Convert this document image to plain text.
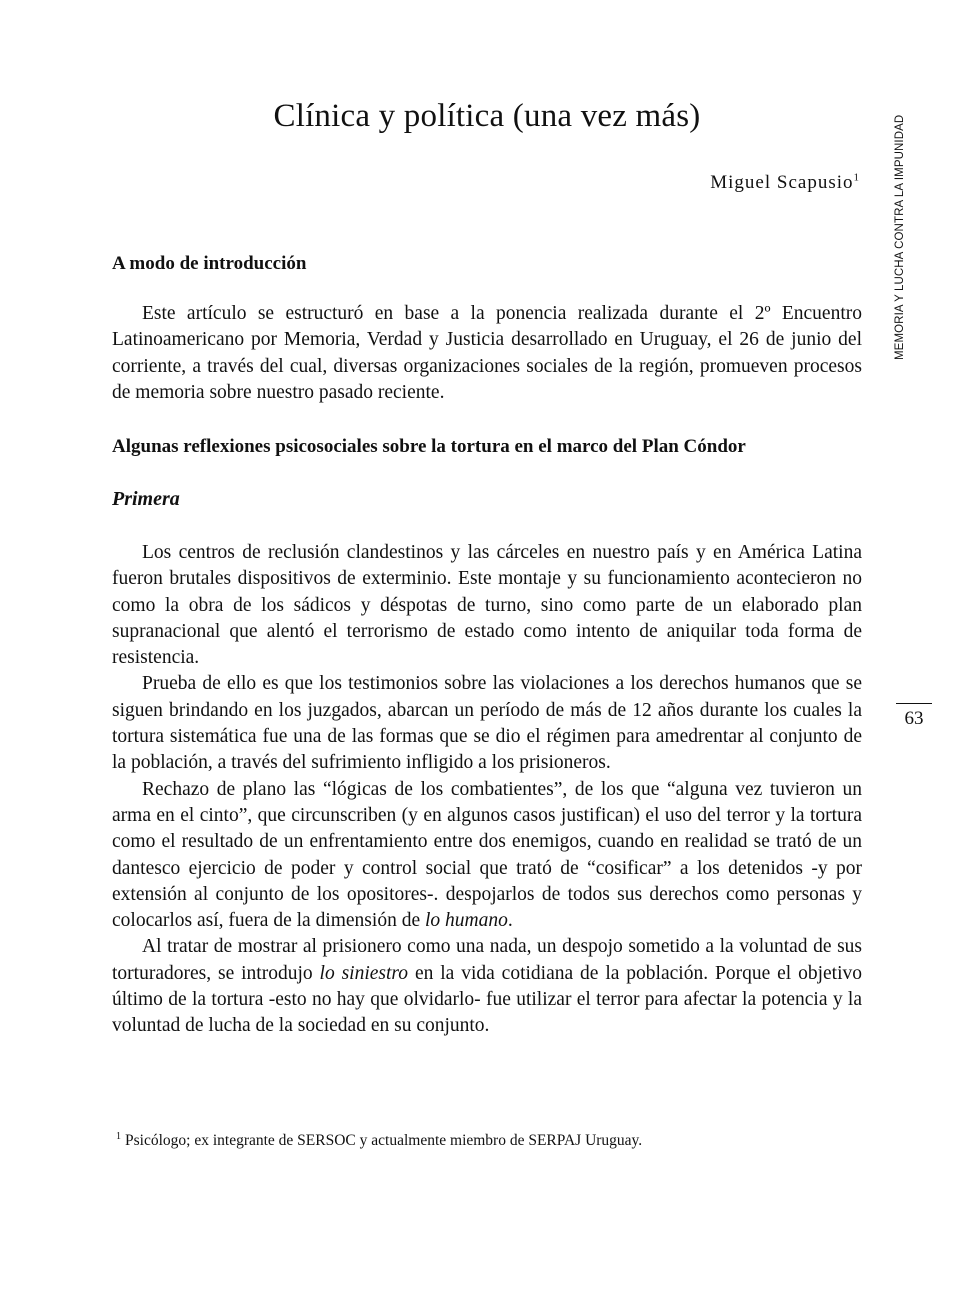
MEMORIA Y LUCHA CONTRA LA IMPUNIDAD
63
Clínica y política (una vez más)
Miguel Scapusio$^1$
A modo de introducción

Este artículo se estructuró en base a la ponencia realizada durante el 2º Encuentro Latinoamericano por Memoria, Verdad y Justicia desarrollado en Uruguay, el 26 de junio del corriente, a través del cual, diversas organizaciones sociales de la región, promueven procesos de memoria sobre nuestro pasado reciente.

Algunas reflexiones psicosociales sobre la tortura en el marco del Plan Cóndor
Primera

Los centros de reclusión clandestinos y las cárceles en nuestro país y en América Latina fueron brutales dispositivos de exterminio. Este montaje y su funcionamiento acontecieron no como la obra de los sádicos y déspotas de turno, sino como parte de un elaborado plan supranacional que alentó el terrorismo de estado como intento de aniquilar toda forma de resistencia.

Prueba de ello es que los testimonios sobre las violaciones a los derechos humanos que se siguen brindando en los juzgados, abarcan un período de más de 12 años durante los cuales la tortura sistemática fue una de las formas que se dio el régimen para amedrentar al conjunto de la población, a través del sufrimiento infligido a los prisioneros.

Rechazo de plano las “lógicas de los combatientes”, de los que “alguna vez tuvieron un arma en el cinto”, que circunscriben (y en algunos casos justifican) el uso del terror y la tortura como el resultado de un enfrentamiento entre dos enemigos, cuando en realidad se trató de un dantesco ejercicio de poder y control social que trató de “cosificar” a los detenidos -y por extensión al conjunto de los opositores-. despojarlos de todos sus derechos como personas y colocarlos así, fuera de la dimensión de lo humano.

Al tratar de mostrar al prisionero como una nada, un despojo sometido a la voluntad de sus torturadores, se introdujo lo siniestro en la vida cotidiana de la población. Porque el objetivo último de la tortura -esto no hay que olvidarlo- fue utilizar el terror para afectar la potencia y la voluntad de lucha de la sociedad en su conjunto.

$^1$ Psicólogo; ex integrante de SERSOC y actualmente miembro de SERPAJ Uruguay.
